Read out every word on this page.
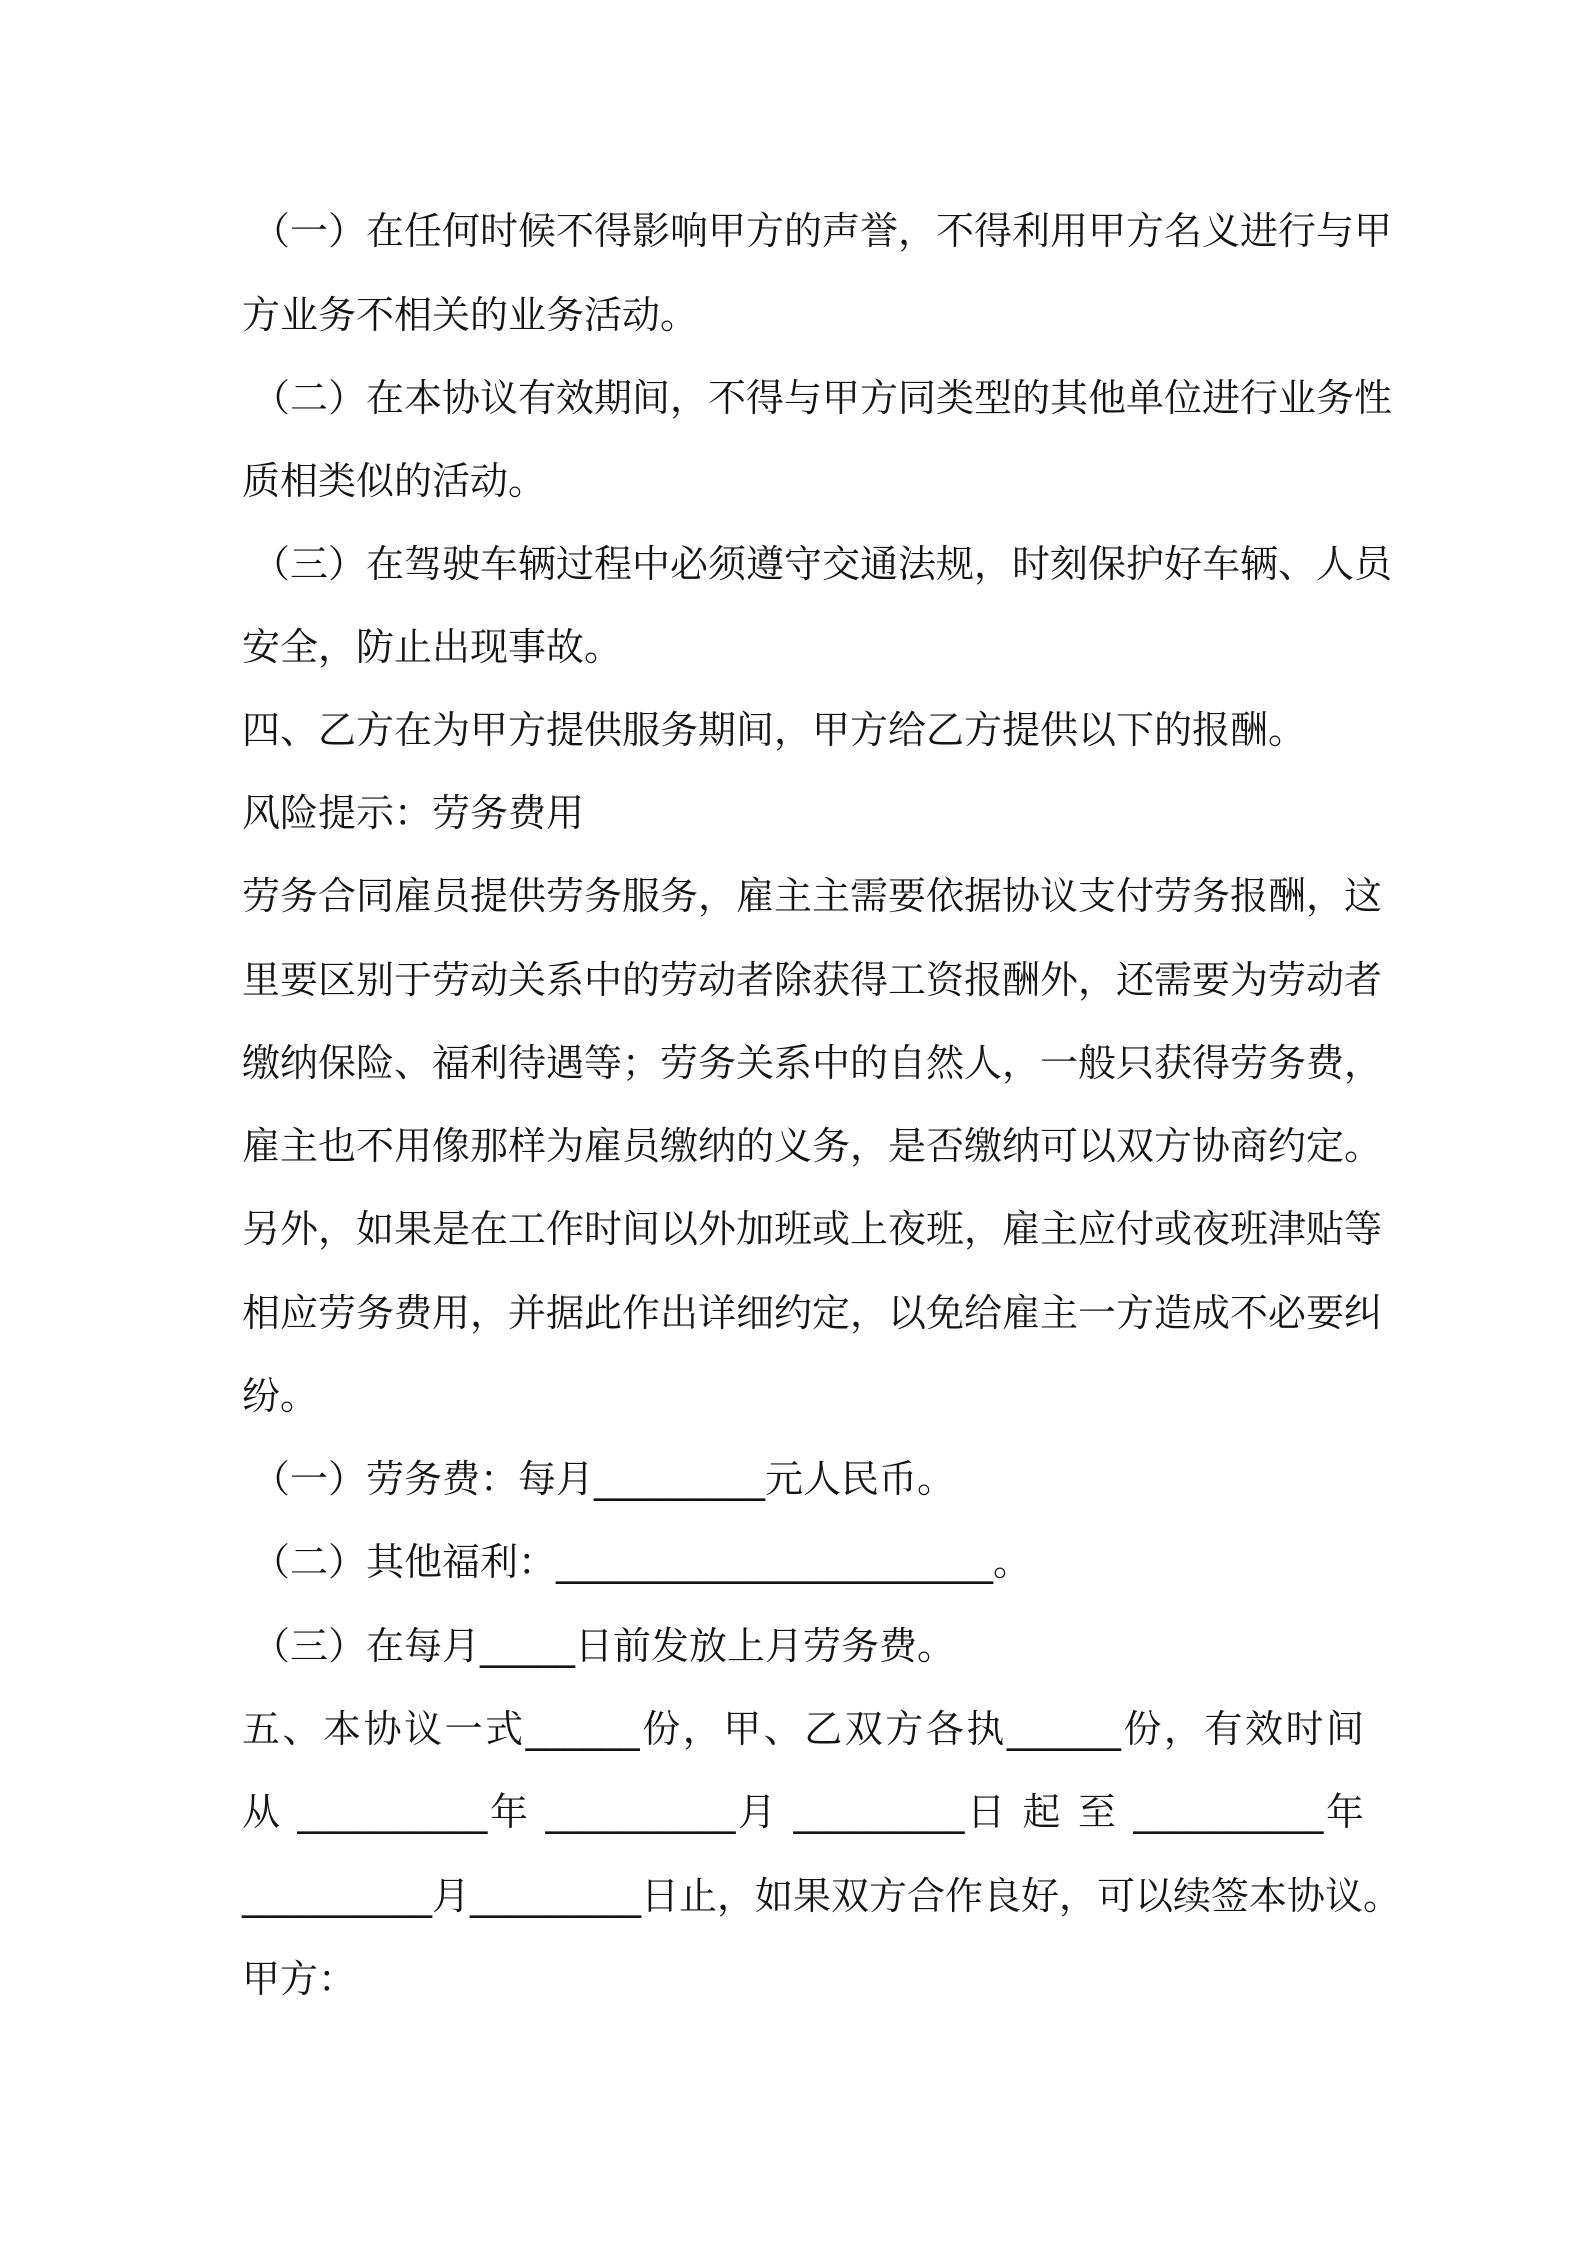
（一）在任何时候不得影响甲方的声誉，不得利用甲方名义进行与甲
方业务不相关的业务活动。
（二）在本协议有效期间，不得与甲方同类型的其他单位进行业务性
质相类似的活动。
（三）在驾驶车辆过程中必须遵守交通法规，时刻保护好车辆、人员
安全，防止出现事故。
四、乙方在为甲方提供服务期间，甲方给乙方提供以下的报酬。
风险提示：劳务费用
劳务合同雇员提供劳务服务，雇主主需要依据协议支付劳务报酬，这
里要区别于劳动关系中的劳动者除获得工资报酬外，还需要为劳动者
缴纳保险、福利待遇等；劳务关系中的自然人，一般只获得劳务费，
雇主也不用像那样为雇员缴纳的义务，是否缴纳可以双方协商约定。
另外，如果是在工作时间以外加班或上夜班，雇主应付或夜班津贴等
相应劳务费用，并据此作出详细约定，以免给雇主一方造成不必要纠
纷。
（一）劳务费：每月_________元人民币。
（二）其他福利：_______________________。
（三）在每月_____日前发放上月劳务费。
五、本协议一式______份，甲、乙双方各执______份，有效时间
从 __________年 __________月 _________日 起 至 __________年
__________月_________日止，如果双方合作良好，可以续签本协议。
甲方：
